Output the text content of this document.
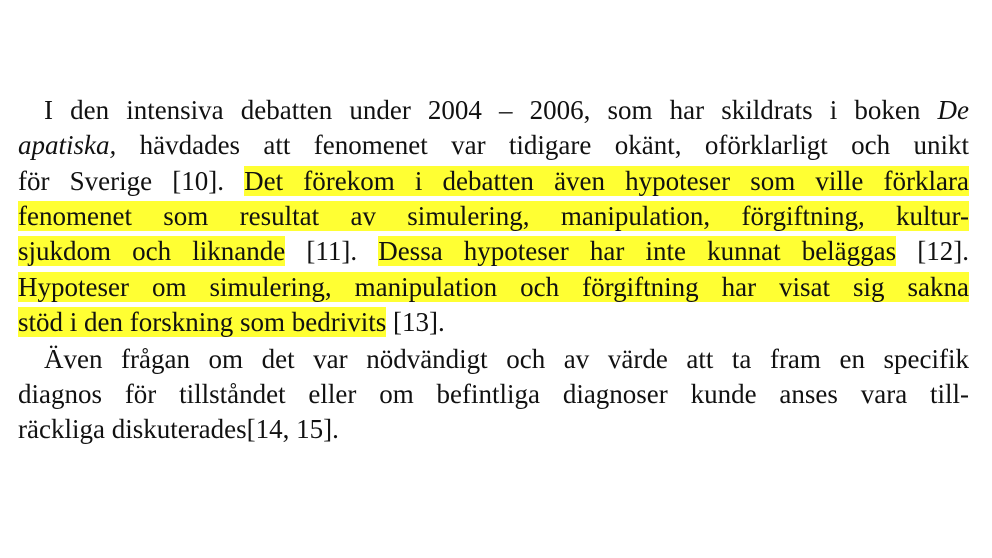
I den intensiva debatten under 2004 – 2006, som har skildrats i boken De
apatiska, hävdades att fenomenet var tidigare okänt, oförklarligt och unikt
för Sverige [10]. Det förekom i debatten även hypoteser som ville förklara
fenomenet som resultat av simulering, manipulation, förgiftning, kultur-
sjukdom och liknande [11]. Dessa hypoteser har inte kunnat beläggas [12].
Hypoteser om simulering, manipulation och förgiftning har visat sig sakna
stöd i den forskning som bedrivits [13].
Även frågan om det var nödvändigt och av värde att ta fram en specifik
diagnos för tillståndet eller om befintliga diagnoser kunde anses vara till-
räckliga diskuterades[14, 15].
